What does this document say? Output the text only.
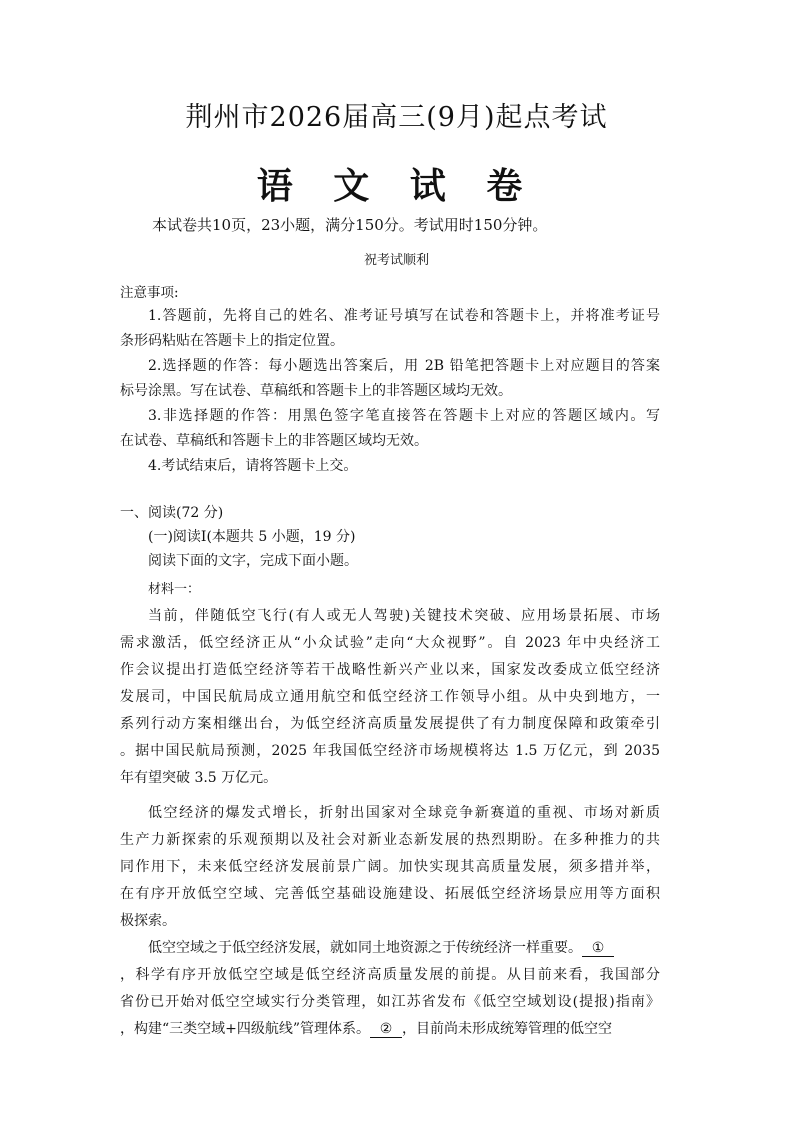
荆州市2026届高三(9月)起点考试
语 文 试 卷
本试卷共10页，23小题，满分150分。考试用时150分钟。
祝考试顺利
注意事项:
1.答题前，先将自己的姓名、准考证号填写在试卷和答题卡上，并将准考证号
条形码粘贴在答题卡上的指定位置。
2.选择题的作答：每小题选出答案后，用 2B 铅笔把答题卡上对应题目的答案
标号涂黑。写在试卷、草稿纸和答题卡上的非答题区域均无效。
3.非选择题的作答：用黑色签字笔直接答在答题卡上对应的答题区域内。写
在试卷、草稿纸和答题卡上的非答题区域均无效。
4.考试结束后，请将答题卡上交。
一、阅读(72 分)
(一)阅读Ⅰ(本题共 5 小题，19 分)
阅读下面的文字，完成下面小题。
材料一：
当前，伴随低空飞行(有人或无人驾驶)关键技术突破、应用场景拓展、市场
需求激活，低空经济正从“小众试验”走向“大众视野”。自 2023 年中央经济工
作会议提出打造低空经济等若干战略性新兴产业以来，国家发改委成立低空经济
发展司，中国民航局成立通用航空和低空经济工作领导小组。从中央到地方，一
系列行动方案相继出台，为低空经济高质量发展提供了有力制度保障和政策牵引
。据中国民航局预测，2025 年我国低空经济市场规模将达 1.5 万亿元，到 2035
年有望突破 3.5 万亿元。
低空经济的爆发式增长，折射出国家对全球竞争新赛道的重视、市场对新质
生产力新探索的乐观预期以及社会对新业态新发展的热烈期盼。在多种推力的共
同作用下，未来低空经济发展前景广阔。加快实现其高质量发展，须多措并举，
在有序开放低空空域、完善低空基础设施建设、拓展低空经济场景应用等方面积
极探索。
低空空域之于低空经济发展，就如同土地资源之于传统经济一样重要。 ①
，科学有序开放低空空域是低空经济高质量发展的前提。从目前来看，我国部分
省份已开始对低空空域实行分类管理，如江苏省发布《低空空域划设(提报)指南》
，构建“三类空域+四级航线”管理体系。 ② ，目前尚未形成统筹管理的低空空
